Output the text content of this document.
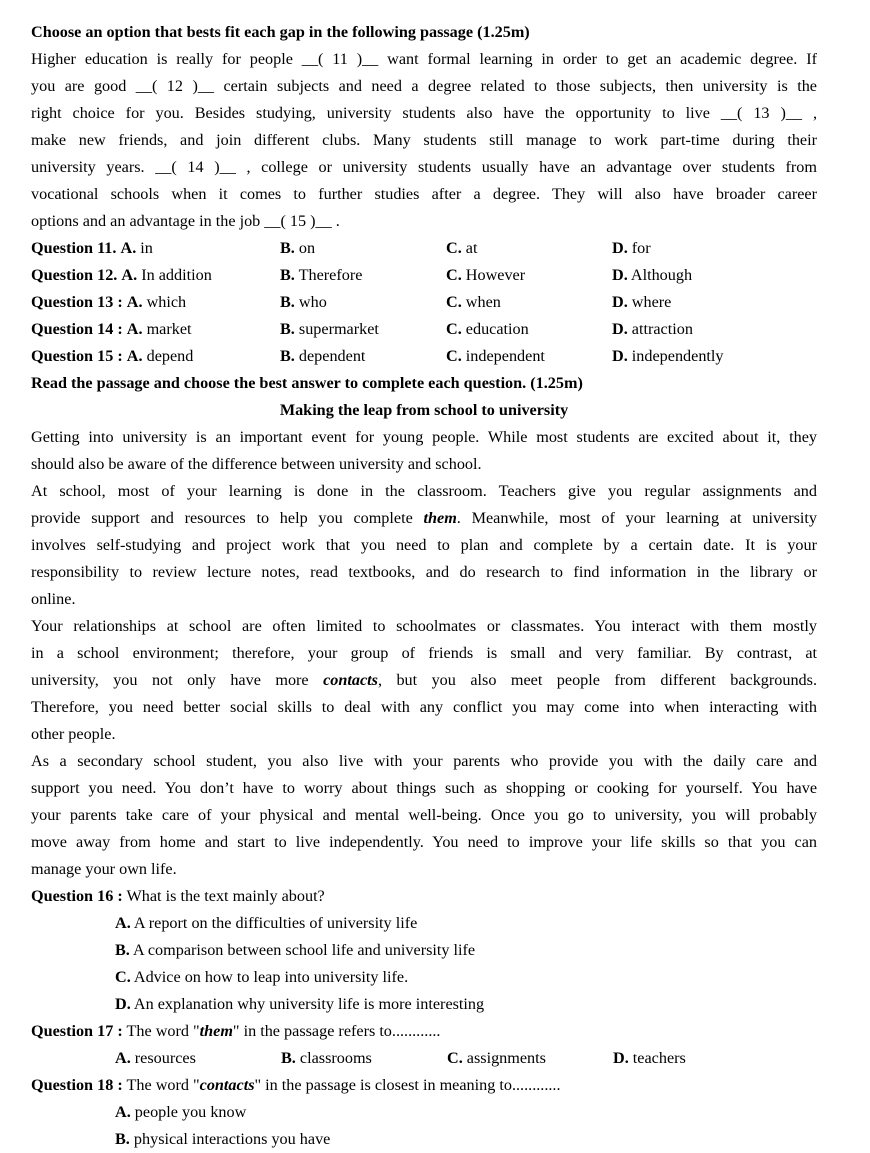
Choose an option that bests fit each gap in the following passage (1.25m)
Higher education is really for people __( 11 )__ want formal learning in order to get an academic degree. If
you are good __( 12 )__ certain subjects and need a degree related to those subjects, then university is the
right choice for you. Besides studying, university students also have the opportunity to live __( 13 )__ ,
make new friends, and join different clubs. Many students still manage to work part-time during their
university years. __( 14 )__ , college or university students usually have an advantage over students from
vocational schools when it comes to further studies after a degree. They will also have broader career
options and an advantage in the job __( 15 )__ .
Question 11. A. in	B. on	C. at	D. for
Question 12. A. In addition	B. Therefore	C. However	D. Although
Question 13 : A. which	B. who	C. when	D. where
Question 14 : A. market	B. supermarket	C. education	D. attraction
Question 15 : A. depend	B. dependent	C. independent	D. independently
Read the passage and choose the best answer to complete each question. (1.25m)
Making the leap from school to university
Getting into university is an important event for young people. While most students are excited about it, they
should also be aware of the difference between university and school.
At school, most of your learning is done in the classroom. Teachers give you regular assignments and
provide support and resources to help you complete them. Meanwhile, most of your learning at university
involves self-studying and project work that you need to plan and complete by a certain date. It is your
responsibility to review lecture notes, read textbooks, and do research to find information in the library or
online.
Your relationships at school are often limited to schoolmates or classmates. You interact with them mostly
in a school environment; therefore, your group of friends is small and very familiar. By contrast, at
university, you not only have more contacts, but you also meet people from different backgrounds.
Therefore, you need better social skills to deal with any conflict you may come into when interacting with
other people.
As a secondary school student, you also live with your parents who provide you with the daily care and
support you need. You don’t have to worry about things such as shopping or cooking for yourself. You have
your parents take care of your physical and mental well-being. Once you go to university, you will probably
move away from home and start to live independently. You need to improve your life skills so that you can
manage your own life.
Question 16 : What is the text mainly about?
A. A report on the difficulties of university life
B. A comparison between school life and university life
C. Advice on how to leap into university life.
D. An explanation why university life is more interesting
Question 17 : The word "them" in the passage refers to............
A. resources	B. classrooms	C. assignments	D. teachers
Question 18 : The word "contacts" in the passage is closest in meaning to............
A. people you know
B. physical interactions you have
